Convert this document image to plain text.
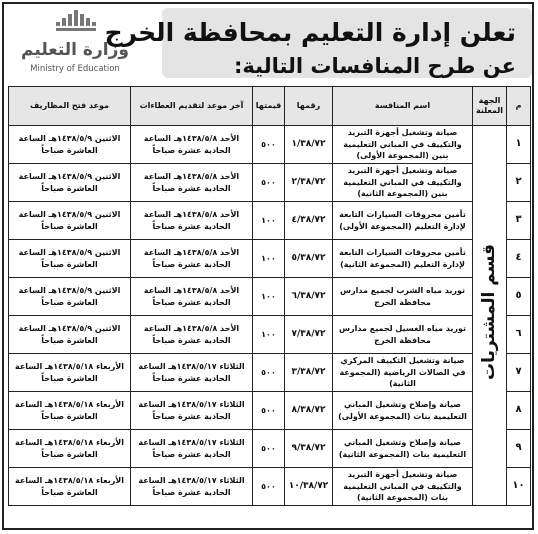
وزارة التعليم
Ministry of Education
تعلن إدارة التعليم بمحافظة الخرج
عن طرح المنافسات التالية:
م	الجهة المعلنة	اسم المنافسة	رقمها	قيمتها	آخر موعد لتقديم العطاءات	موعد فتح المظاريف
١	قسم المشتريات	صيانة وتشغيل أجهزة التبريد والتكييف في المباني التعليمية بنين (المجموعة الأولى)	١/٣٨/٧٢	٥٠٠	الأحد ١٤٣٨/٥/٨هـ الساعة الحادية عشرة صباحاً	الاثنين ١٤٣٨/٥/٩هـ الساعة العاشرة صباحاً
٢		صيانة وتشغيل أجهزة التبريد والتكييف في المباني التعليمية بنين (المجموعة الثانية)	٢/٣٨/٧٢	٥٠٠	الأحد ١٤٣٨/٥/٨هـ الساعة الحادية عشرة صباحاً	الاثنين ١٤٣٨/٥/٩هـ الساعة العاشرة صباحاً
٣		تأمين محروقات السيارات التابعة لإدارة التعليم (المجموعة الأولى)	٤/٣٨/٧٢	١٠٠	الأحد ١٤٣٨/٥/٨هـ الساعة الحادية عشرة صباحاً	الاثنين ١٤٣٨/٥/٩هـ الساعة العاشرة صباحاً
٤		تأمين محروقات السيارات التابعة لإدارة التعليم (المجموعة الثانية)	٥/٣٨/٧٢	١٠٠	الأحد ١٤٣٨/٥/٨هـ الساعة الحادية عشرة صباحاً	الاثنين ١٤٣٨/٥/٩هـ الساعة العاشرة صباحاً
٥		توريد مياه الشرب لجميع مدارس محافظة الخرج	٦/٣٨/٧٢	١٠٠	الأحد ١٤٣٨/٥/٨هـ الساعة الحادية عشرة صباحاً	الاثنين ١٤٣٨/٥/٩هـ الساعة العاشرة صباحاً
٦		توريد مياه الغسيل لجميع مدارس محافظة الخرج	٧/٣٨/٧٢	١٠٠	الأحد ١٤٣٨/٥/٨هـ الساعة الحادية عشرة صباحاً	الاثنين ١٤٣٨/٥/٩هـ الساعة العاشرة صباحاً
٧		صيانة وتشغيل التكييف المركزي في الصالات الرياضية (المجموعة الثانية)	٣/٣٨/٧٢	٥٠٠	الثلاثاء ١٤٣٨/٥/١٧هـ الساعة الحادية عشرة صباحاً	الأربعاء ١٤٣٨/٥/١٨هـ الساعة العاشرة صباحاً
٨		صيانة وإصلاح وتشغيل المباني التعليمية بنات (المجموعة الأولى)	٨/٣٨/٧٢	٥٠٠	الثلاثاء ١٤٣٨/٥/١٧هـ الساعة الحادية عشرة صباحاً	الأربعاء ١٤٣٨/٥/١٨هـ الساعة العاشرة صباحاً
٩		صيانة وإصلاح وتشغيل المباني التعليمية بنات (المجموعة الثانية)	٩/٣٨/٧٢	٥٠٠	الثلاثاء ١٤٣٨/٥/١٧هـ الساعة الحادية عشرة صباحاً	الأربعاء ١٤٣٨/٥/١٨هـ الساعة العاشرة صباحاً
١٠		صيانة وتشغيل أجهزة التبريد والتكييف في المباني التعليمية بنات (المجموعة الثانية)	١٠/٣٨/٧٢	٥٠٠	الثلاثاء ١٤٣٨/٥/١٧هـ الساعة الحادية عشرة صباحاً	الأربعاء ١٤٣٨/٥/١٨هـ الساعة العاشرة صباحاً
